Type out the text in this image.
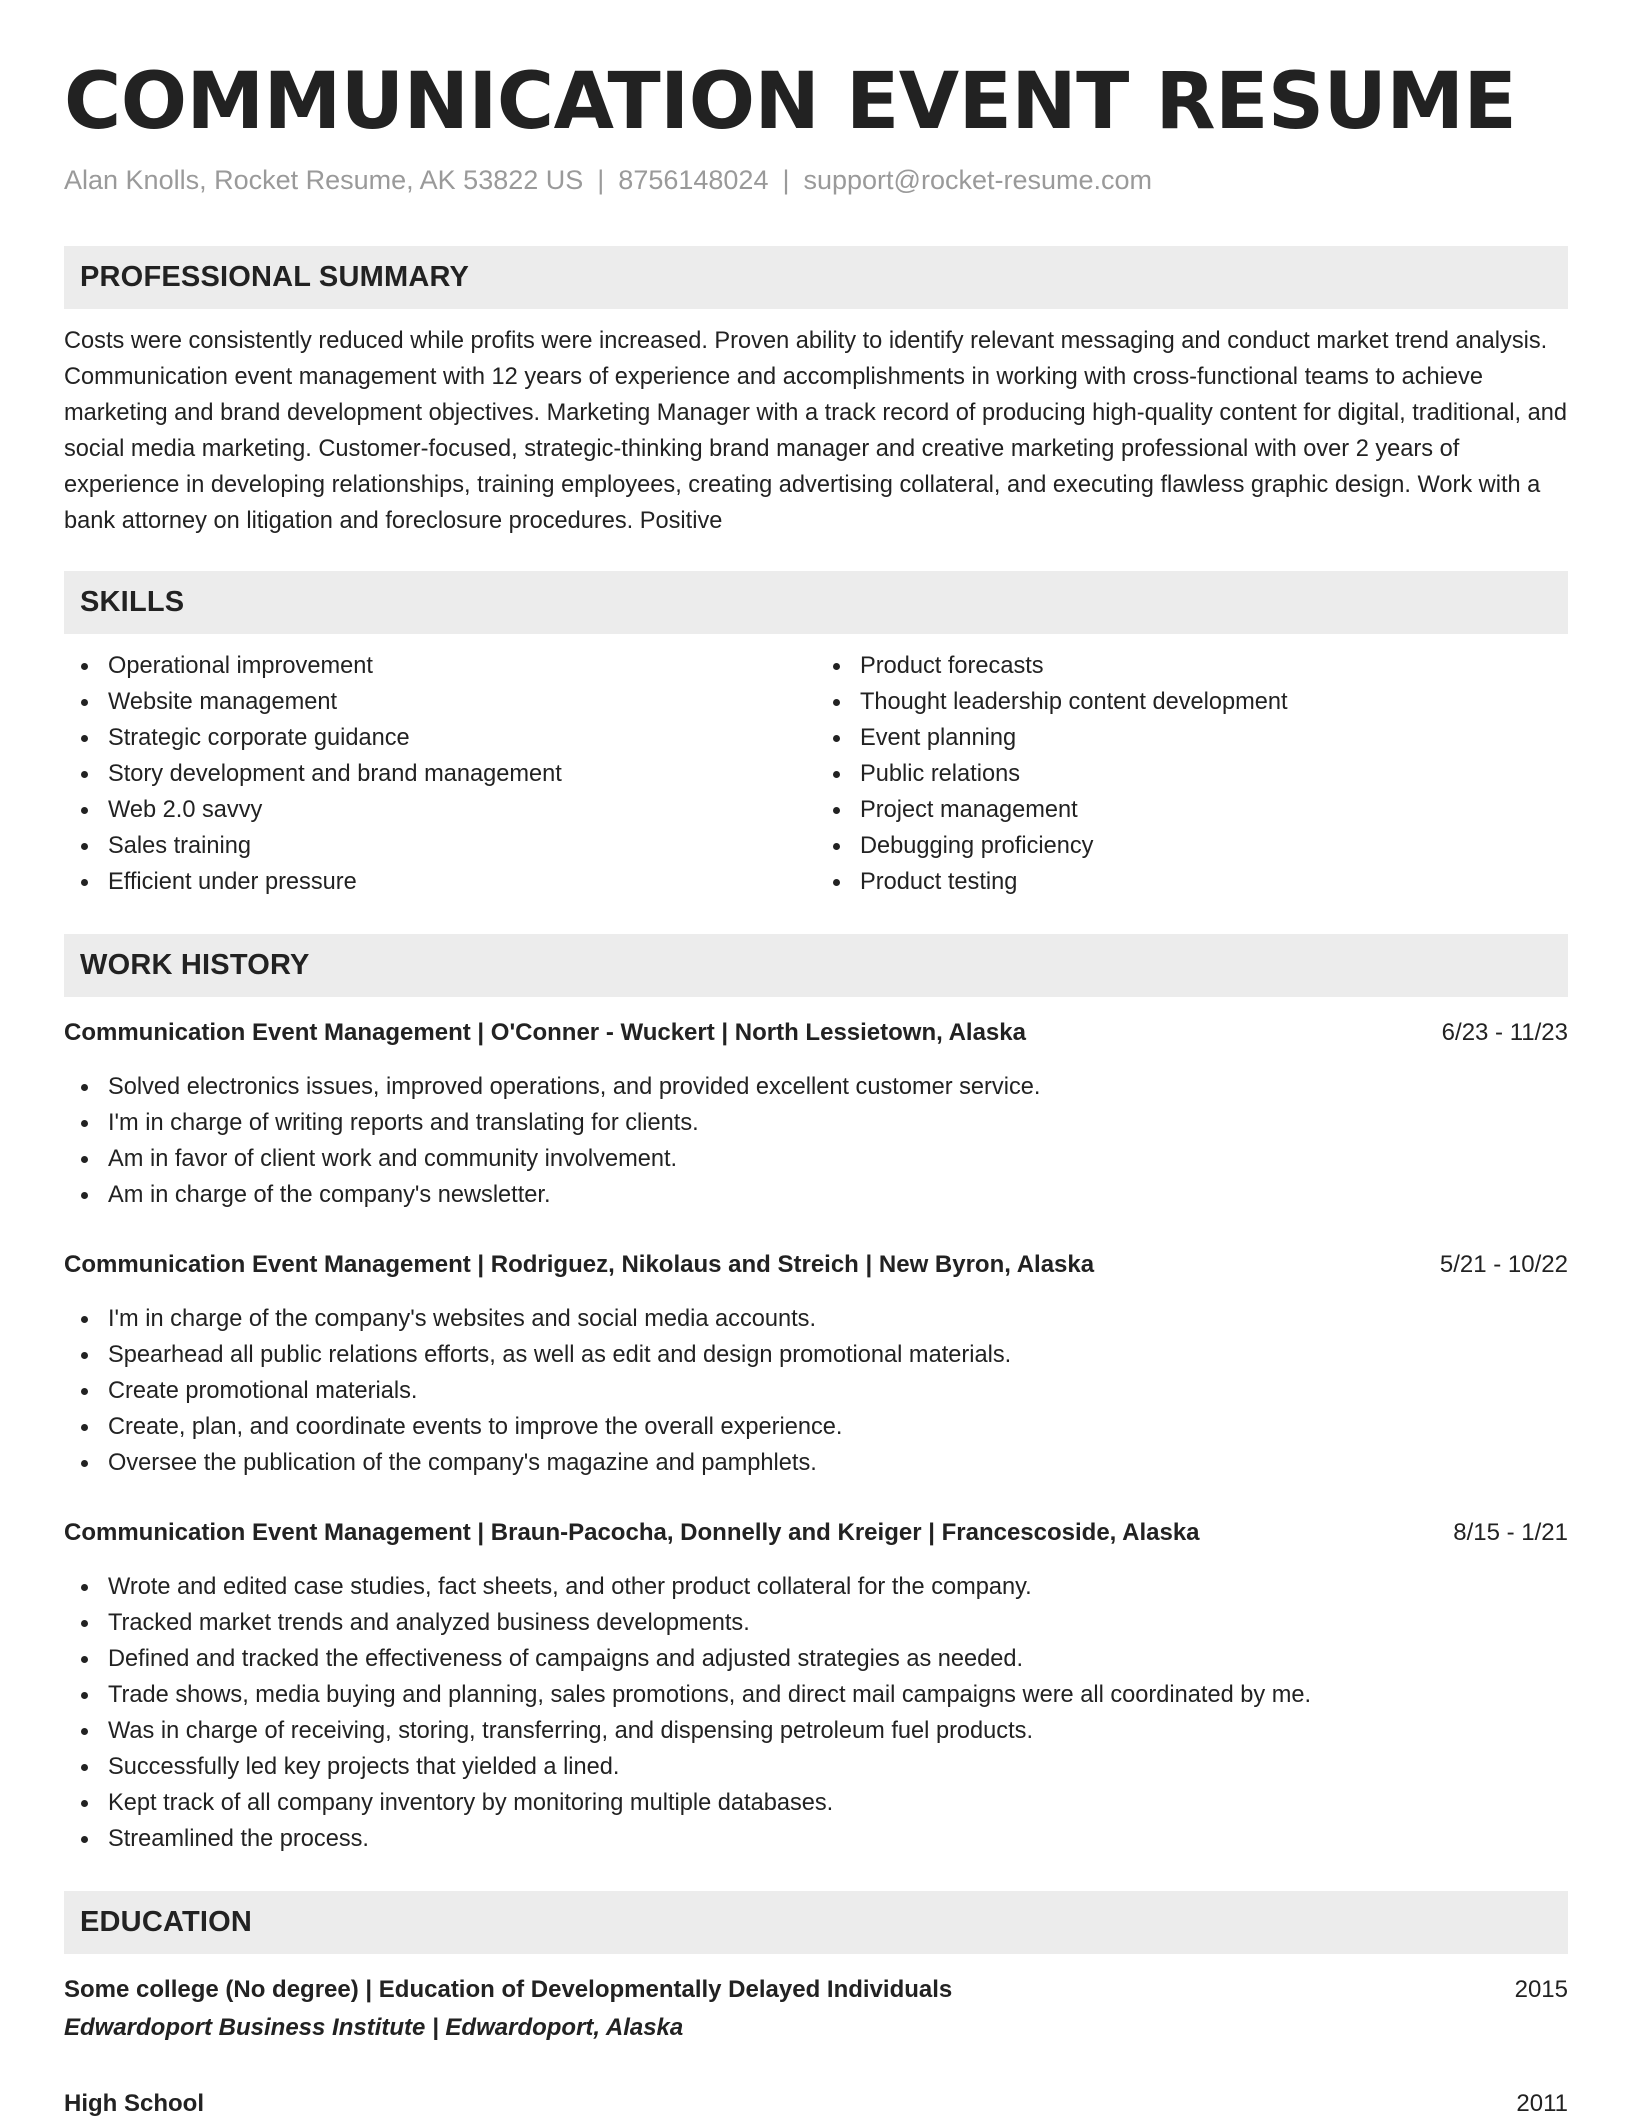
COMMUNICATION EVENT RESUME
Alan Knolls, Rocket Resume, AK 53822 US | 8756148024 | support@rocket-resume.com
PROFESSIONAL SUMMARY
Costs were consistently reduced while profits were increased. Proven ability to identify relevant messaging and conduct market trend analysis. Communication event management with 12 years of experience and accomplishments in working with cross-functional teams to achieve marketing and brand development objectives. Marketing Manager with a track record of producing high-quality content for digital, traditional, and social media marketing. Customer-focused, strategic-thinking brand manager and creative marketing professional with over 2 years of experience in developing relationships, training employees, creating advertising collateral, and executing flawless graphic design. Work with a bank attorney on litigation and foreclosure procedures. Positive
SKILLS
Operational improvement
Website management
Strategic corporate guidance
Story development and brand management
Web 2.0 savvy
Sales training
Efficient under pressure
Product forecasts
Thought leadership content development
Event planning
Public relations
Project management
Debugging proficiency
Product testing
WORK HISTORY
Communication Event Management | O'Conner - Wuckert | North Lessietown, Alaska	6/23 - 11/23
Solved electronics issues, improved operations, and provided excellent customer service.
I'm in charge of writing reports and translating for clients.
Am in favor of client work and community involvement.
Am in charge of the company's newsletter.
Communication Event Management | Rodriguez, Nikolaus and Streich | New Byron, Alaska	5/21 - 10/22
I'm in charge of the company's websites and social media accounts.
Spearhead all public relations efforts, as well as edit and design promotional materials.
Create promotional materials.
Create, plan, and coordinate events to improve the overall experience.
Oversee the publication of the company's magazine and pamphlets.
Communication Event Management | Braun-Pacocha, Donnelly and Kreiger | Francescoside, Alaska	8/15 - 1/21
Wrote and edited case studies, fact sheets, and other product collateral for the company.
Tracked market trends and analyzed business developments.
Defined and tracked the effectiveness of campaigns and adjusted strategies as needed.
Trade shows, media buying and planning, sales promotions, and direct mail campaigns were all coordinated by me.
Was in charge of receiving, storing, transferring, and dispensing petroleum fuel products.
Successfully led key projects that yielded a lined.
Kept track of all company inventory by monitoring multiple databases.
Streamlined the process.
EDUCATION
Some college (No degree) | Education of Developmentally Delayed Individuals	2015
Edwardoport Business Institute | Edwardoport, Alaska
High School	2011
